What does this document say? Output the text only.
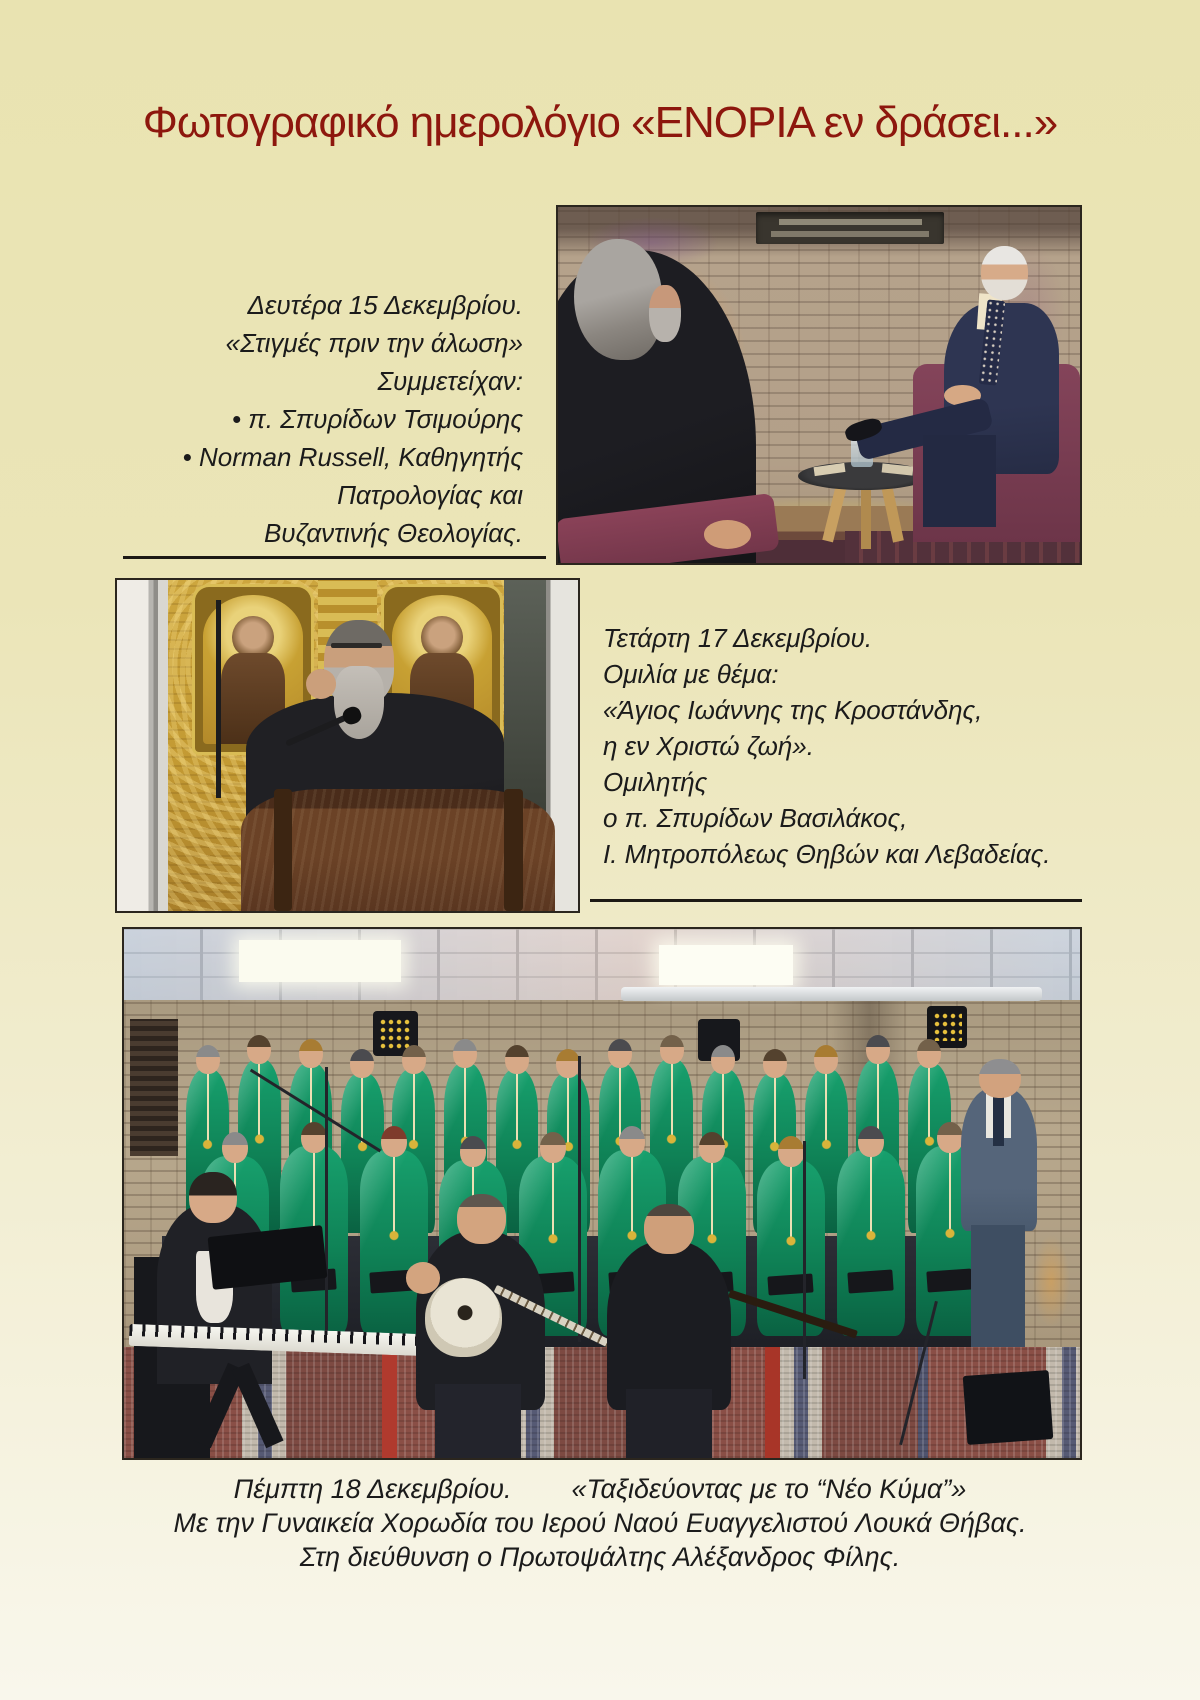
Φωτογραφικό ημερολόγιο «ΕΝΟΡΙΑ εν δράσει...»
Δευτέρα 15 Δεκεμβρίου.
«Στιγμές πριν την άλωση»
Συμμετείχαν:
• π. Σπυρίδων Τσιμούρης
• Norman Russell, Καθηγητής
Πατρολογίας και
Βυζαντινής Θεολογίας.
Τετάρτη 17 Δεκεμβρίου.
Ομιλία με θέμα:
«Άγιος Ιωάννης της Κροστάνδης,
η εν Χριστώ ζωή».
Ομιλητής
ο π. Σπυρίδων Βασιλάκος,
Ι. Μητροπόλεως Θηβών και Λεβαδείας.
Πέμπτη 18 Δεκεμβρίου. «Ταξιδεύοντας με το “Νέο Κύμα”»
Με την Γυναικεία Χορωδία του Ιερού Ναού Ευαγγελιστού Λουκά Θήβας.
Στη διεύθυνση ο Πρωτοψάλτης Αλέξανδρος Φίλης.
